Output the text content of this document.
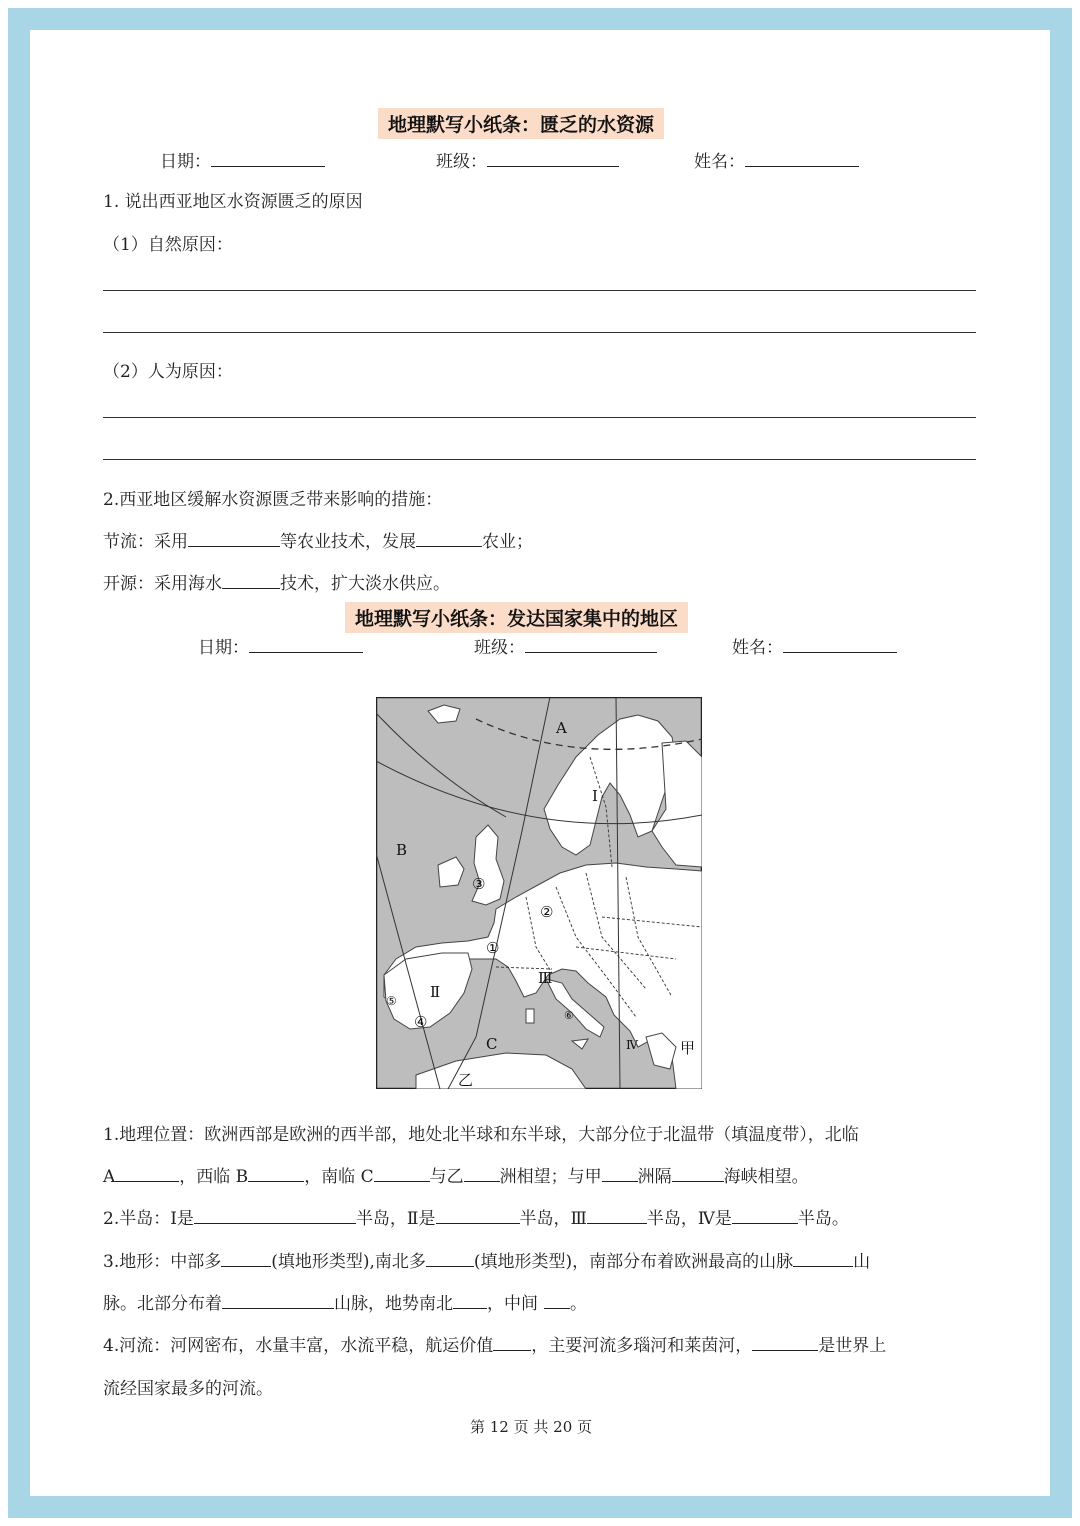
地理默写小纸条：匮乏的水资源
日期：	班级：	姓名：
1. 说出西亚地区水资源匮乏的原因
（1）自然原因：
（2）人为原因：
2.西亚地区缓解水资源匮乏带来影响的措施：
节流：采用	等农业技术，发展	农业；
开源：采用海水	技术，扩大淡水供应。
地理默写小纸条：发达国家集中的地区
日期：	班级：	姓名：
A
B
C
乙
甲
Ⅰ
Ⅱ
Ⅲ
Ⅳ
①
②
③
④
⑤
⑥
1.地理位置：欧洲西部是欧洲的西半部，地处北半球和东半球，大部分位于北温带（填温度带），北临
A	，西临 B	，南临 C	与乙 洲相望；与甲 洲隔	海峡相望。
2.半岛：Ⅰ是	半岛，Ⅱ是	半岛，Ⅲ	半岛，Ⅳ是	半岛。
3.地形：中部多	(填地形类型),南北多	(填地形类型)，南部分布着欧洲最高的山脉	山
脉。北部分布着	山脉，地势南北 ，中间 。
4.河流：河网密布，水量丰富，水流平稳，航运价值 ，主要河流多瑙河和莱茵河，	是世界上
流经国家最多的河流。
第 12 页 共 20 页
